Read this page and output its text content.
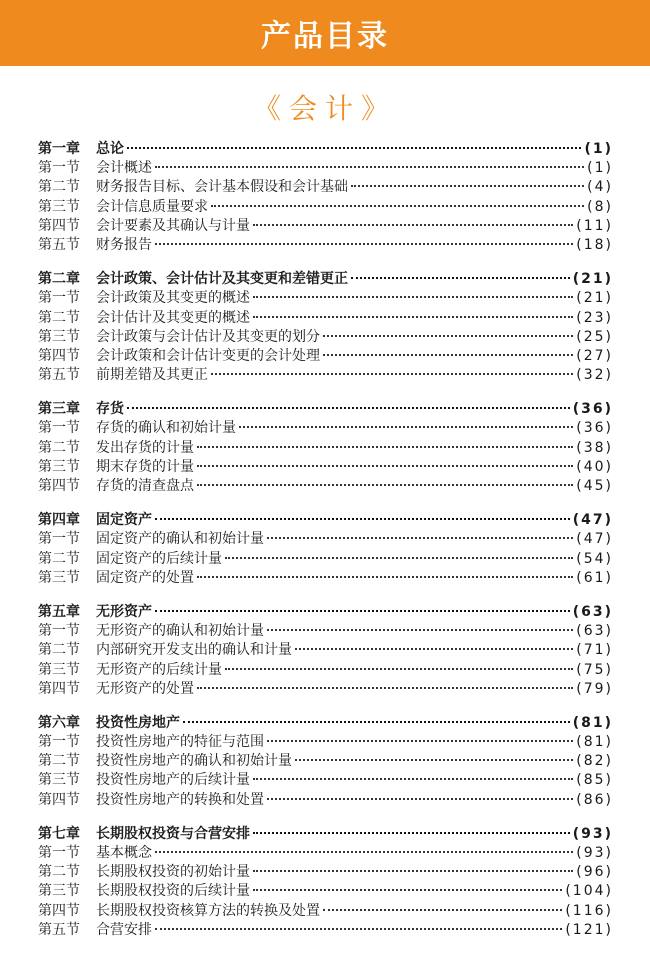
产品目录
《会计》
第一章	总论	(1)
第一节	会计概述	(1)
第二节	财务报告目标、会计基本假设和会计基础	(4)
第三节	会计信息质量要求	(8)
第四节	会计要素及其确认与计量	(11)
第五节	财务报告	(18)
第二章	会计政策、会计估计及其变更和差错更正	(21)
第一节	会计政策及其变更的概述	(21)
第二节	会计估计及其变更的概述	(23)
第三节	会计政策与会计估计及其变更的划分	(25)
第四节	会计政策和会计估计变更的会计处理	(27)
第五节	前期差错及其更正	(32)
第三章	存货	(36)
第一节	存货的确认和初始计量	(36)
第二节	发出存货的计量	(38)
第三节	期末存货的计量	(40)
第四节	存货的清查盘点	(45)
第四章	固定资产	(47)
第一节	固定资产的确认和初始计量	(47)
第二节	固定资产的后续计量	(54)
第三节	固定资产的处置	(61)
第五章	无形资产	(63)
第一节	无形资产的确认和初始计量	(63)
第二节	内部研究开发支出的确认和计量	(71)
第三节	无形资产的后续计量	(75)
第四节	无形资产的处置	(79)
第六章	投资性房地产	(81)
第一节	投资性房地产的特征与范围	(81)
第二节	投资性房地产的确认和初始计量	(82)
第三节	投资性房地产的后续计量	(85)
第四节	投资性房地产的转换和处置	(86)
第七章	长期股权投资与合营安排	(93)
第一节	基本概念	(93)
第二节	长期股权投资的初始计量	(96)
第三节	长期股权投资的后续计量	(104)
第四节	长期股权投资核算方法的转换及处置	(116)
第五节	合营安排	(121)
